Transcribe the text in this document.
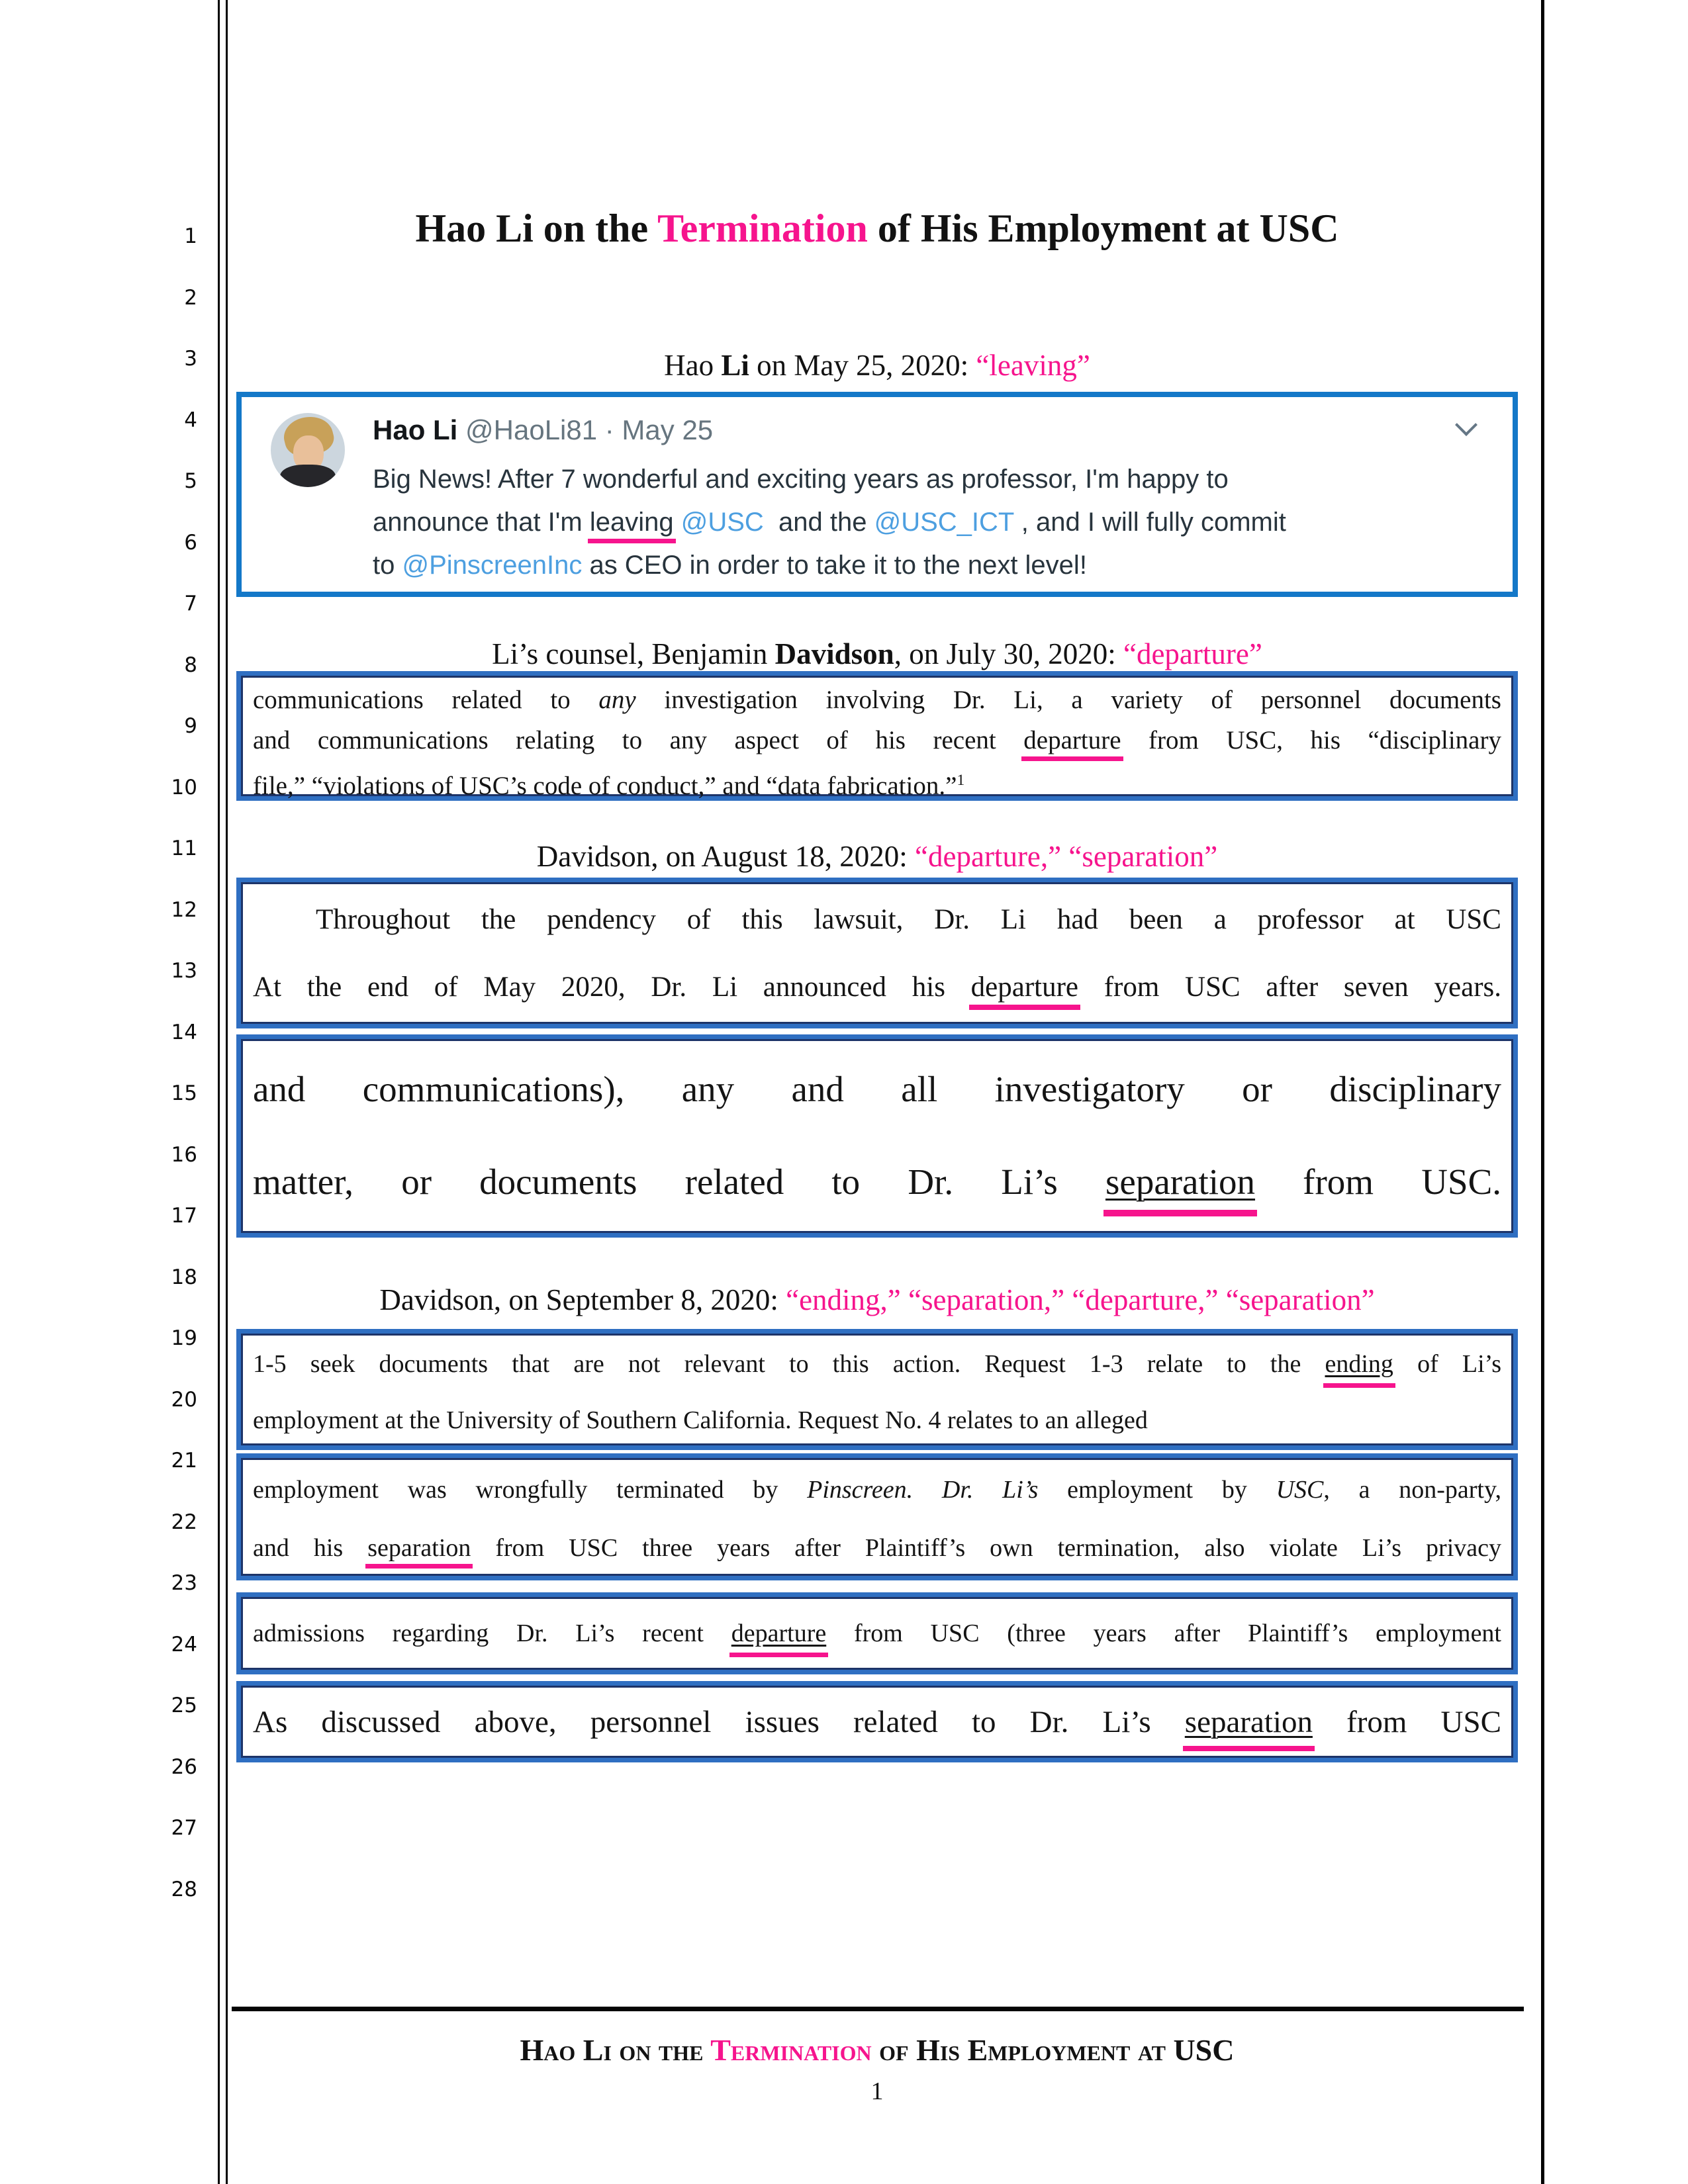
1
2
3
4
5
6
7
8
9
10
11
12
13
14
15
16
17
18
19
20
21
22
23
24
25
26
27
28
Hao Li on the Termination of His Employment at USC
Hao Li on May 25, 2020: “leaving”
Hao Li @HaoLi81 · May 25
Big News! After 7 wonderful and exciting years as professor, I'm happy to
announce that I'm leaving @USC  and the @USC_ICT , and I will fully commit
to @PinscreenInc as CEO in order to take it to the next level!
Li’s counsel, Benjamin Davidson, on July 30, 2020: “departure”
communications related to any investigation involving Dr. Li, a variety of personnel documents
and communications relating to any aspect of his recent departure from USC, his “disciplinary
file,” “violations of USC’s code of conduct,” and “data fabrication.”$^1$
Davidson, on August 18, 2020: “departure,” “separation”
Throughout the pendency of this lawsuit, Dr. Li had been a professor at USC
At the end of May 2020, Dr. Li announced his departure from USC after seven years.
and communications), any and all investigatory or disciplinary
matter, or documents related to Dr. Li’s separation from USC.
Davidson, on September 8, 2020: “ending,” “separation,” “departure,” “separation”
1-5 seek documents that are not relevant to this action. Request 1-3 relate to the ending of Li’s
employment at the University of Southern California. Request No. 4 relates to an alleged
employment was wrongfully terminated by Pinscreen. Dr. Li’s employment by USC, a non-party,
and his separation from USC three years after Plaintiff’s own termination, also violate Li’s privacy
admissions regarding Dr. Li’s recent departure from USC (three years after Plaintiff’s employment
As discussed above, personnel issues related to Dr. Li’s separation from USC
Hao Li on the Termination of His Employment at USC
1
